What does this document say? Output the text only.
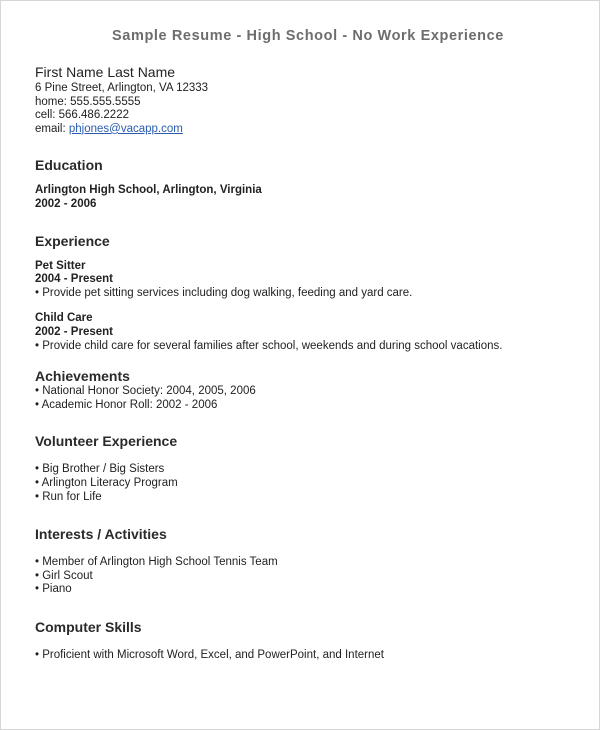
Sample Resume - High School - No Work Experience
First Name Last Name
6 Pine Street, Arlington, VA 12333
home: 555.555.5555
cell: 566.486.2222
email: phjones@vacapp.com
Education
Arlington High School, Arlington, Virginia
2002 - 2006
Experience
Pet Sitter
2004 - Present
• Provide pet sitting services including dog walking, feeding and yard care.
Child Care
2002 - Present
• Provide child care for several families after school, weekends and during school vacations.
Achievements
• National Honor Society: 2004, 2005, 2006
• Academic Honor Roll: 2002 - 2006
Volunteer Experience
• Big Brother / Big Sisters
• Arlington Literacy Program
• Run for Life
Interests / Activities
• Member of Arlington High School Tennis Team
• Girl Scout
• Piano
Computer Skills
• Proficient with Microsoft Word, Excel, and PowerPoint, and Internet
